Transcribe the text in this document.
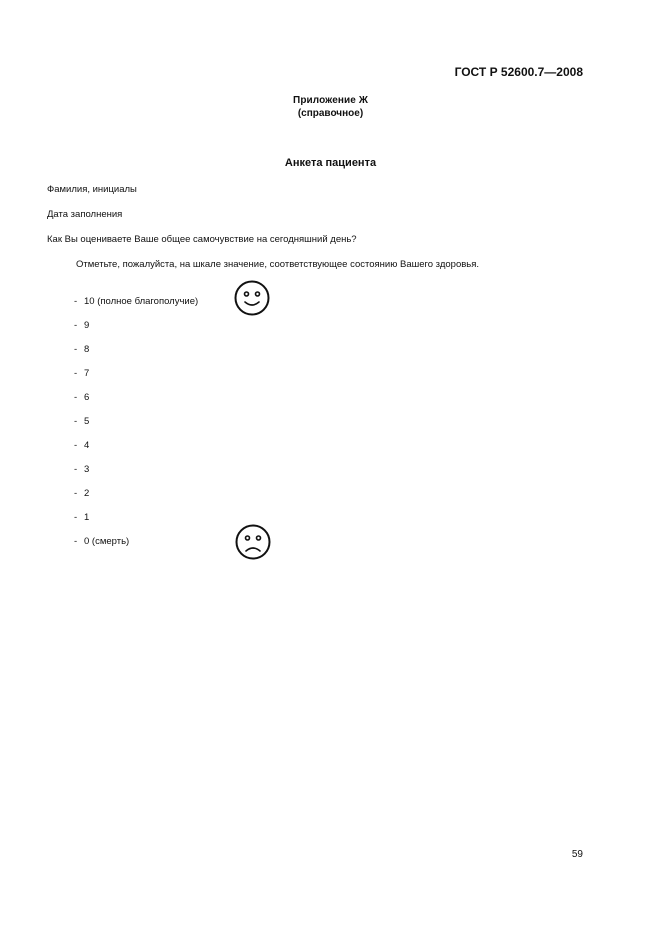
ГОСТ Р 52600.7—2008
Приложение Ж
(справочное)
Анкета пациента
Фамилия, инициалы
Дата заполнения
Как Вы оцениваете Ваше общее самочувствие на сегодняшний день?
Отметьте, пожалуйста, на шкале значение, соответствующее состоянию Вашего здоровья.
- 10 (полное благополучие)
- 9
- 8
- 7
- 6
- 5
- 4
- 3
- 2
- 1
- 0 (смерть)
59
